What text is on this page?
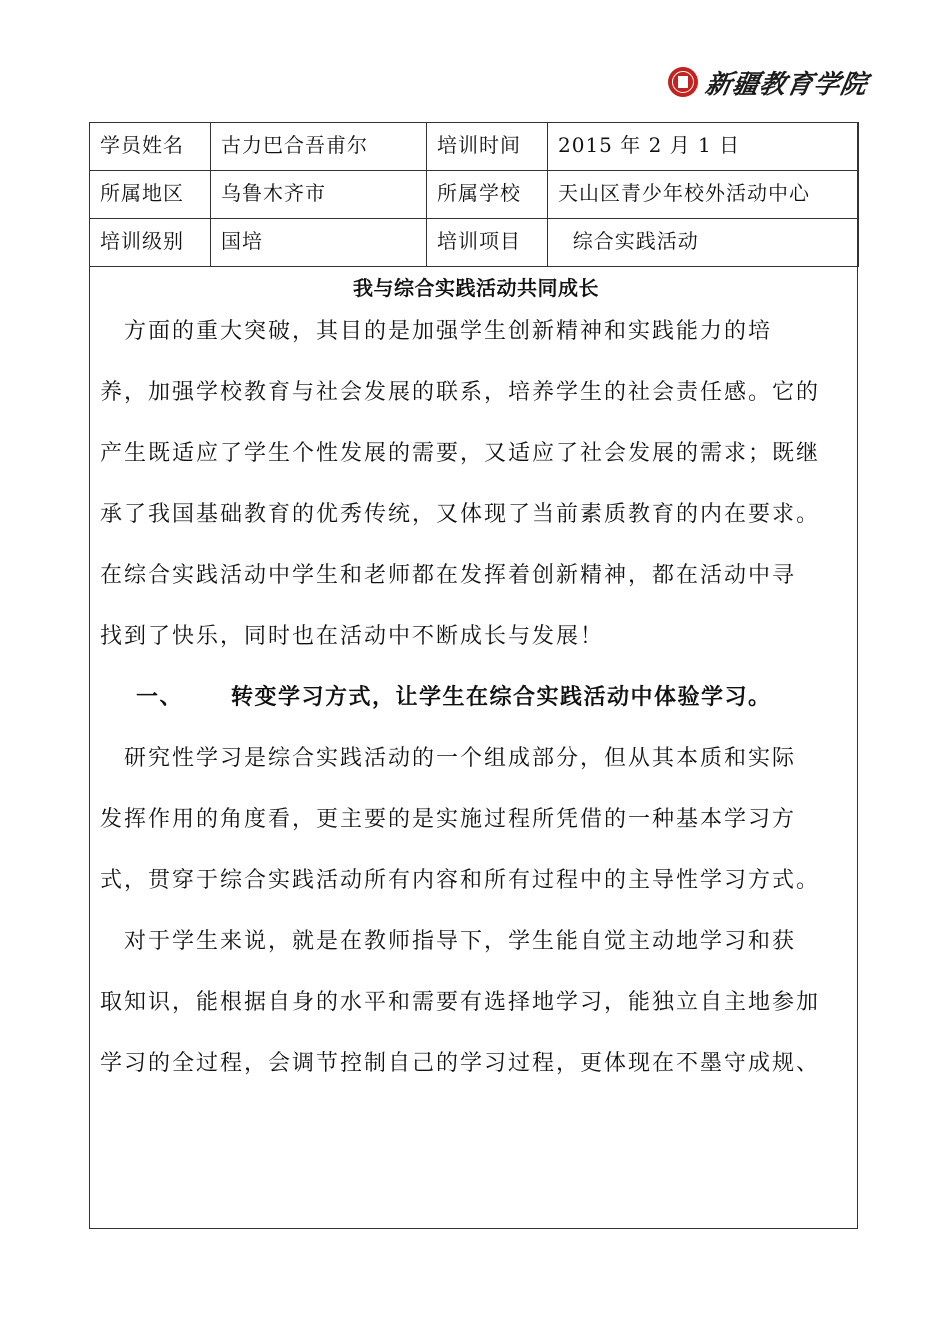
新疆教育学院
学员姓名	古力巴合吾甫尔	培训时间	2015 年 2 月 1 日
所属地区	乌鲁木齐市	所属学校	天山区青少年校外活动中心
培训级别	国培	培训项目	综合实践活动

我与综合实践活动共同成长

　方面的重大突破，其目的是加强学生创新精神和实践能力的培
养，加强学校教育与社会发展的联系，培养学生的社会责任感。它的
产生既适应了学生个性发展的需要，又适应了社会发展的需求；既继
承了我国基础教育的优秀传统，又体现了当前素质教育的内在要求。
在综合实践活动中学生和老师都在发挥着创新精神，都在活动中寻
找到了快乐，同时也在活动中不断成长与发展！

一、 转变学习方式，让学生在综合实践活动中体验学习。

　研究性学习是综合实践活动的一个组成部分，但从其本质和实际
发挥作用的角度看，更主要的是实施过程所凭借的一种基本学习方
式，贯穿于综合实践活动所有内容和所有过程中的主导性学习方式。

　对于学生来说，就是在教师指导下，学生能自觉主动地学习和获
取知识，能根据自身的水平和需要有选择地学习，能独立自主地参加
学习的全过程，会调节控制自己的学习过程，更体现在不墨守成规、
